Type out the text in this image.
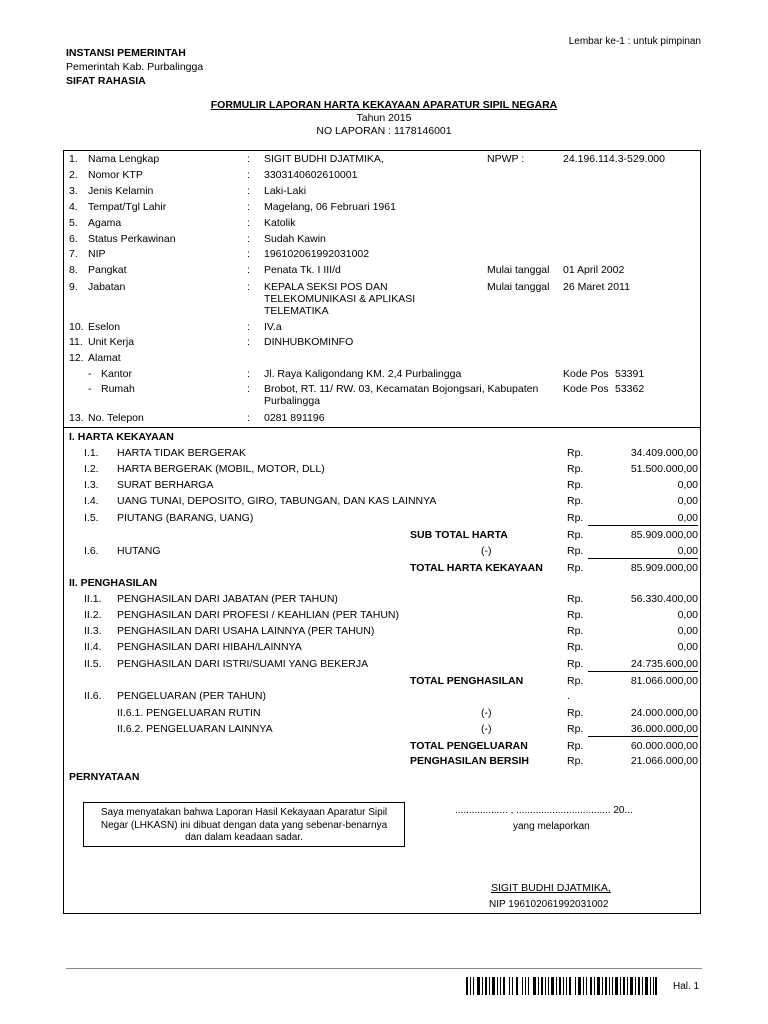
Lembar ke-1 : untuk pimpinan
INSTANSI PEMERINTAH
Pemerintah Kab. Purbalingga
SIFAT RAHASIA
FORMULIR LAPORAN HARTA KEKAYAAN APARATUR SIPIL NEGARA
Tahun 2015
NO LAPORAN : 1178146001
1. Nama Lengkap	: SIGIT BUDHI DJATMIKA,	NPWP :	24.196.114.3-529.000
2. Nomor KTP	: 3303140602610001
3. Jenis Kelamin	: Laki-Laki
4. Tempat/Tgl Lahir	: Magelang, 06 Februari 1961
5. Agama	: Katolik
6. Status Perkawinan	: Sudah Kawin
7. NIP	: 196102061992031002
8. Pangkat	: Penata Tk. I III/d	Mulai tanggal 01 April 2002
9. Jabatan	: KEPALA SEKSI POS DAN
TELEKOMUNIKASI & APLIKASI
TELEMATIKA
Mulai tanggal 26 Maret 2011
10. Eselon	: IV.a
11. Unit Kerja	: DINHUBKOMINFO
12. Alamat
- Kantor	: Jl. Raya Kaligondang KM. 2,4 Purbalingga	Kode Pos 53391
- Rumah	: Brobot, RT. 11/ RW. 03, Kecamatan Bojongsari, Kabupaten
Purbalingga
Kode Pos 53362
13. No. Telepon	: 0281 891196
I. HARTA KEKAYAAN
I.1. HARTA TIDAK BERGERAK	Rp.	34.409.000,00
I.2. HARTA BERGERAK (MOBIL, MOTOR, DLL)	Rp.	51.500.000,00
I.3. SURAT BERHARGA	Rp.	0,00
I.4. UANG TUNAI, DEPOSITO, GIRO, TABUNGAN, DAN KAS LAINNYA	Rp.	0,00
I.5. PIUTANG (BARANG, UANG)	Rp.	0,00
SUB TOTAL HARTA	Rp.	85.909.000,00
I.6. HUTANG	(-)	Rp.	0,00
TOTAL HARTA KEKAYAAN Rp.	85.909.000,00
II. PENGHASILAN
II.1. PENGHASILAN DARI JABATAN (PER TAHUN)	Rp.	56.330.400,00
II.2. PENGHASILAN DARI PROFESI / KEAHLIAN (PER TAHUN)	Rp.	0,00
II.3. PENGHASILAN DARI USAHA LAINNYA (PER TAHUN)	Rp.	0,00
II.4. PENGHASILAN DARI HIBAH/LAINNYA	Rp.	0,00
II.5. PENGHASILAN DARI ISTRI/SUAMI YANG BEKERJA	Rp.	24.735.600,00
TOTAL PENGHASILAN	Rp.	81.066.000,00
II.6. PENGELUARAN (PER TAHUN)	.
II.6.1. PENGELUARAN RUTIN	(-)	Rp.	24.000.000,00
II.6.2. PENGELUARAN LAINNYA	(-)	Rp.	36.000.000,00
TOTAL PENGELUARAN	Rp.	60.000.000,00
PENGHASILAN BERSIH	Rp.	21.066.000,00
PERNYATAAN
Saya menyatakan bahwa Laporan Hasil Kekayaan Aparatur Sipil
Negar (LHKASN) ini dibuat dengan data yang sebenar-benarnya
dan dalam keadaan sadar.
................... , .................................. 20...
yang melaporkan
SIGIT BUDHI DJATMIKA,
NIP 196102061992031002
Hal. 1
